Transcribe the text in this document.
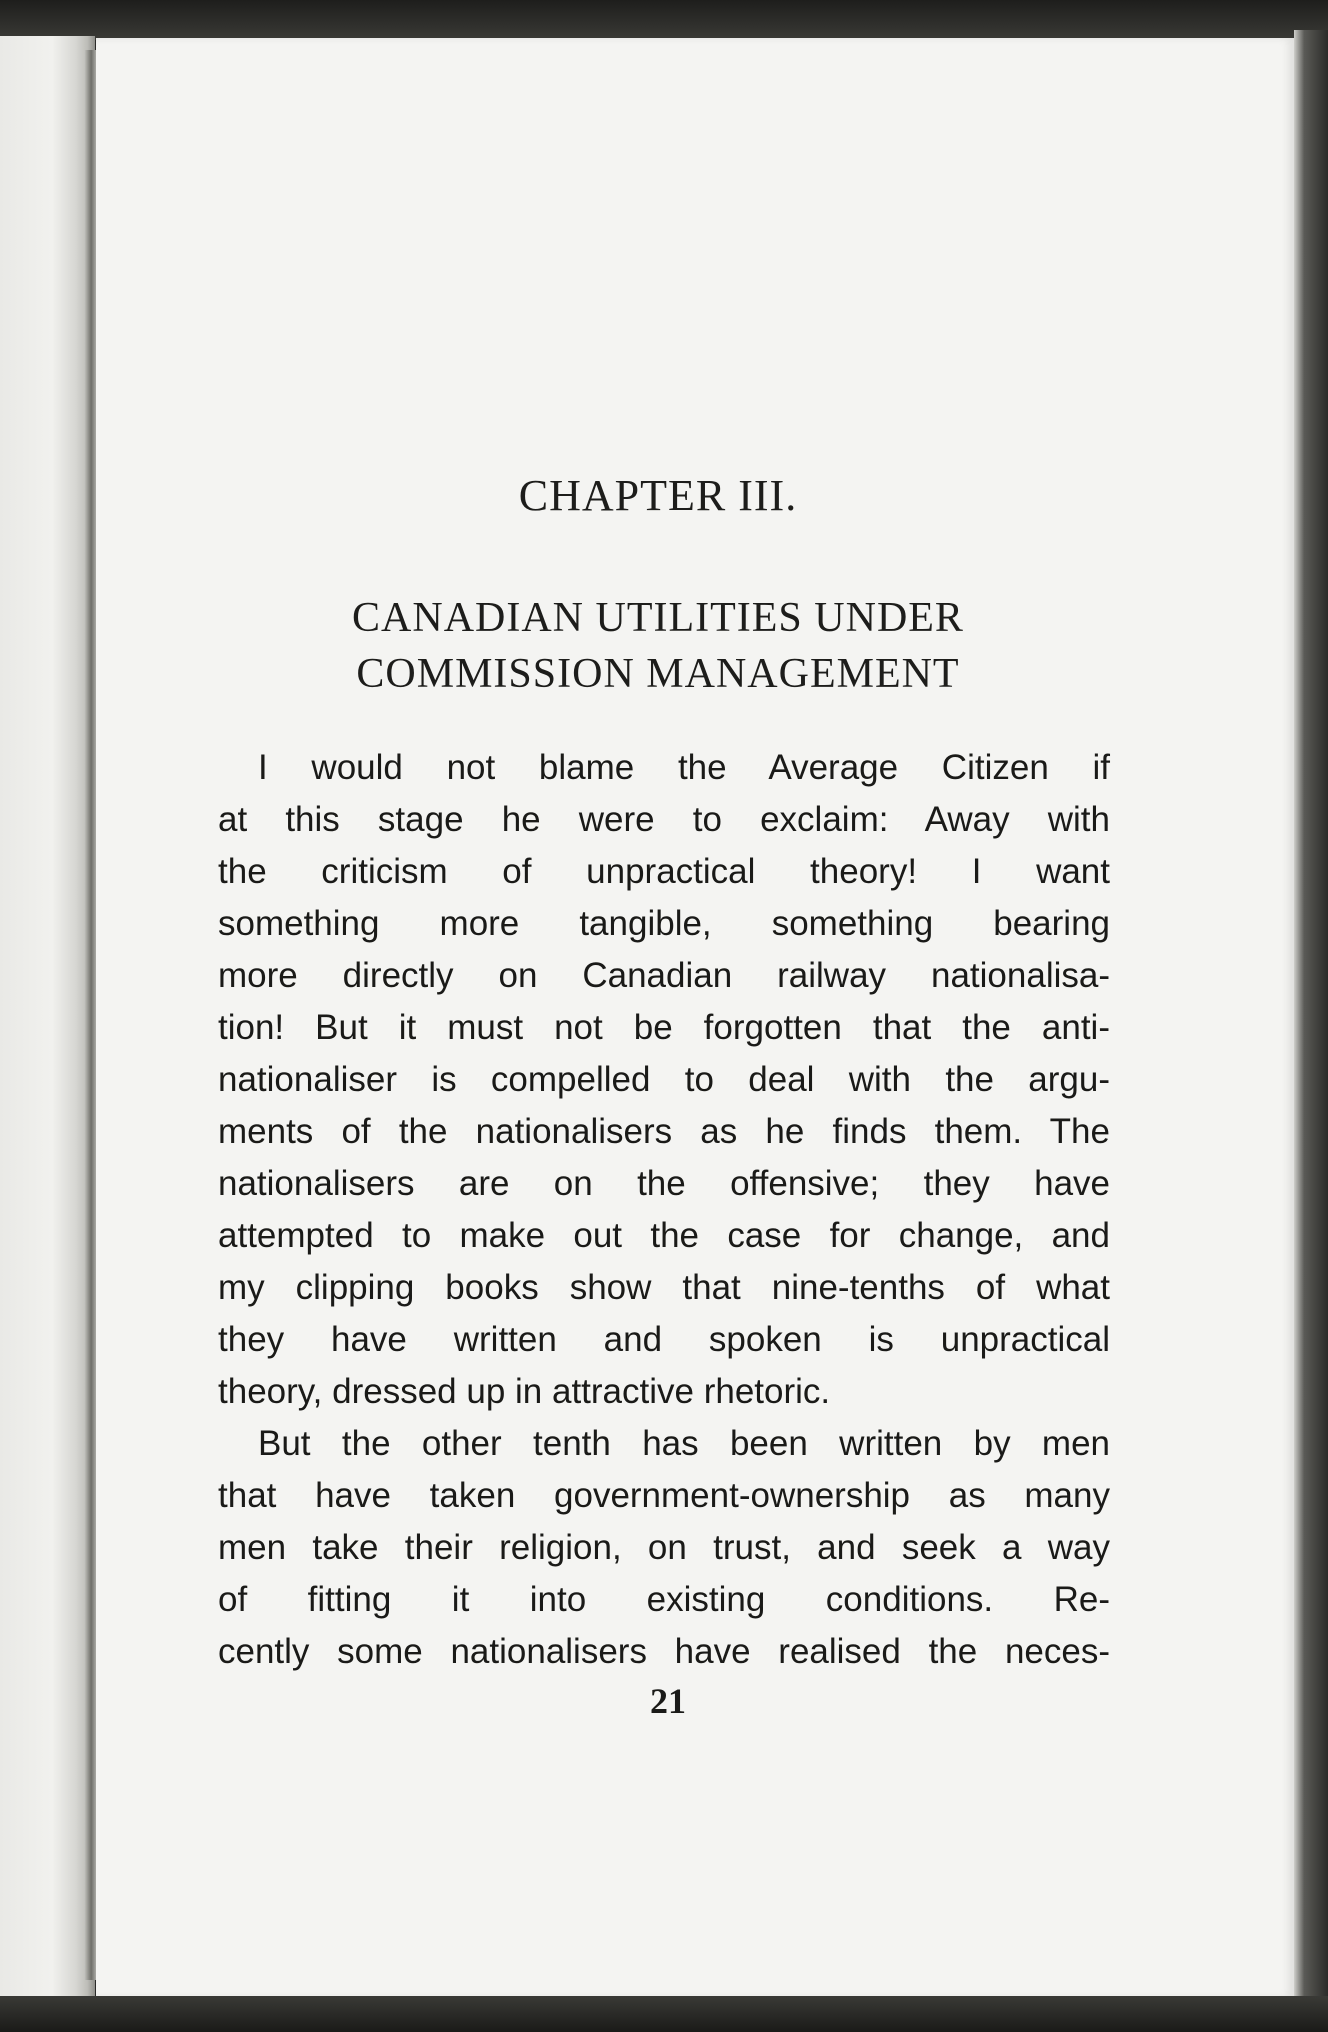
CHAPTER III.
CANADIAN UTILITIES UNDER
COMMISSION MANAGEMENT
I would not blame the Average Citizen if
at this stage he were to exclaim: Away with
the criticism of unpractical theory! I want
something more tangible, something bearing
more directly on Canadian railway nationalisa-
tion! But it must not be forgotten that the anti-
nationaliser is compelled to deal with the argu-
ments of the nationalisers as he finds them. The
nationalisers are on the offensive; they have
attempted to make out the case for change, and
my clipping books show that nine-tenths of what
they have written and spoken is unpractical
theory, dressed up in attractive rhetoric.
But the other tenth has been written by men
that have taken government-ownership as many
men take their religion, on trust, and seek a way
of fitting it into existing conditions. Re-
cently some nationalisers have realised the neces-
21
